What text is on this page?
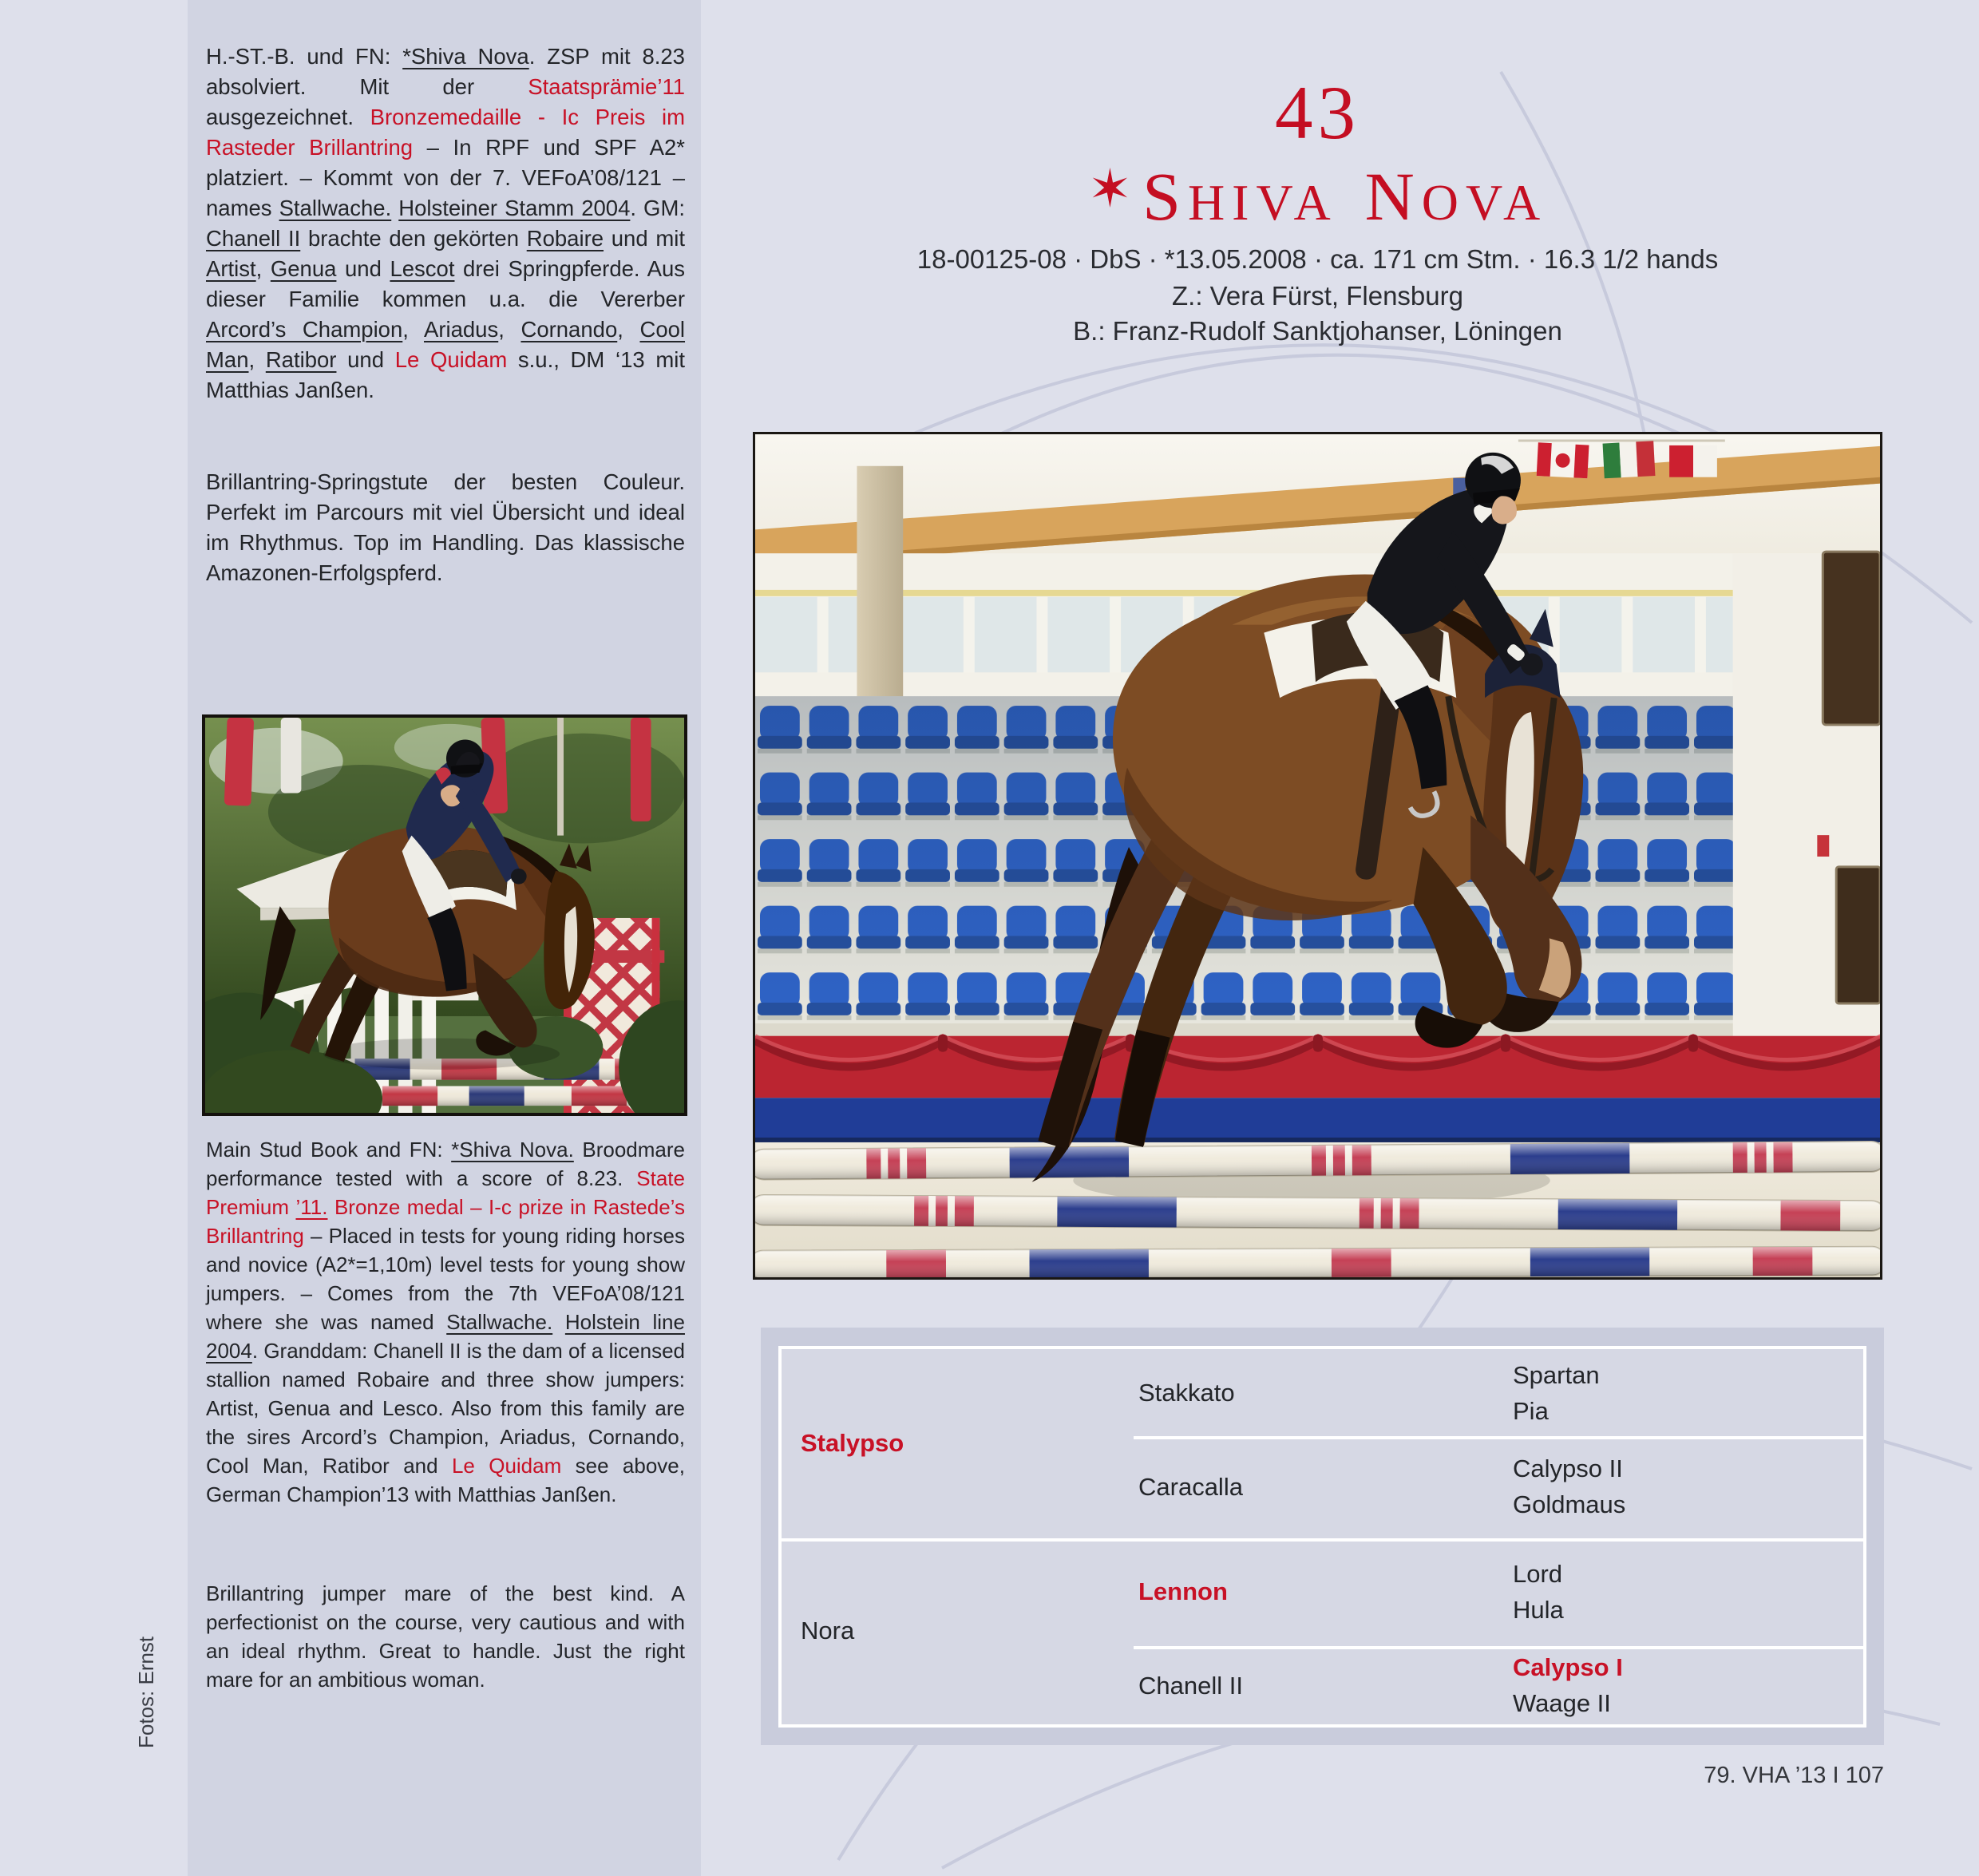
H.-ST.-B. und FN: *Shiva Nova. ZSP mit 8.23 absolviert. Mit der Staatsprämie’11 ausgezeichnet. Bronzemedaille - Ic Preis im Rasteder Brillantring – In RPF und SPF A2* platziert. – Kommt von der 7. VEFoA’08/121 – names Stallwache. Holsteiner Stamm 2004. GM: Chanell II brachte den gekörten Robaire und mit Artist, Genua und Lescot drei Springpferde. Aus dieser Familie kommen u.a. die Vererber Arcord’s Champion, Ariadus, Cornando, Cool Man, Ratibor und Le Quidam s.u., DM ‘13 mit Matthias Janßen.
Brillantring-Springstute der besten Couleur. Perfekt im Parcours mit viel Übersicht und ideal im Rhythmus. Top im Handling. Das klassische Amazonen-Erfolgspferd.
Main Stud Book and FN: *Shiva Nova. Broodmare performance tested with a score of 8.23. State Premium ’11. Bronze medal – I-c prize in Rastede’s Brillantring – Placed in tests for young riding horses and novice (A2*=1,10m) level tests for young show jumpers. – Comes from the 7th VEFoA’08/121 where she was named Stallwache. Holstein line 2004. Granddam: Chanell II is the dam of a licensed stallion named Robaire and three show jumpers: Artist, Genua and Lesco. Also from this family are the sires Arcord’s Champion, Ariadus, Cornando, Cool Man, Ratibor and Le Quidam see above, German Champion’13 with Matthias Janßen.
Brillantring jumper mare of the best kind. A perfectionist on the course, very cautious and with an ideal rhythm. Great to handle. Just the right mare for an ambitious woman.
Fotos: Ernst
43
✶SHIVA NOVA
18-00125-08 · DbS · *13.05.2008 · ca. 171 cm Stm. · 16.3 1/2 hands
Z.: Vera Fürst, Flensburg
B.: Franz-Rudolf Sanktjohanser, Löningen
Stalypso
Nora
Stakkato
Caracalla
Lennon
Chanell II
Spartan
Pia
Calypso II
Goldmaus
Lord
Hula
Calypso I
Waage II
79. VHA ’13 I 107
